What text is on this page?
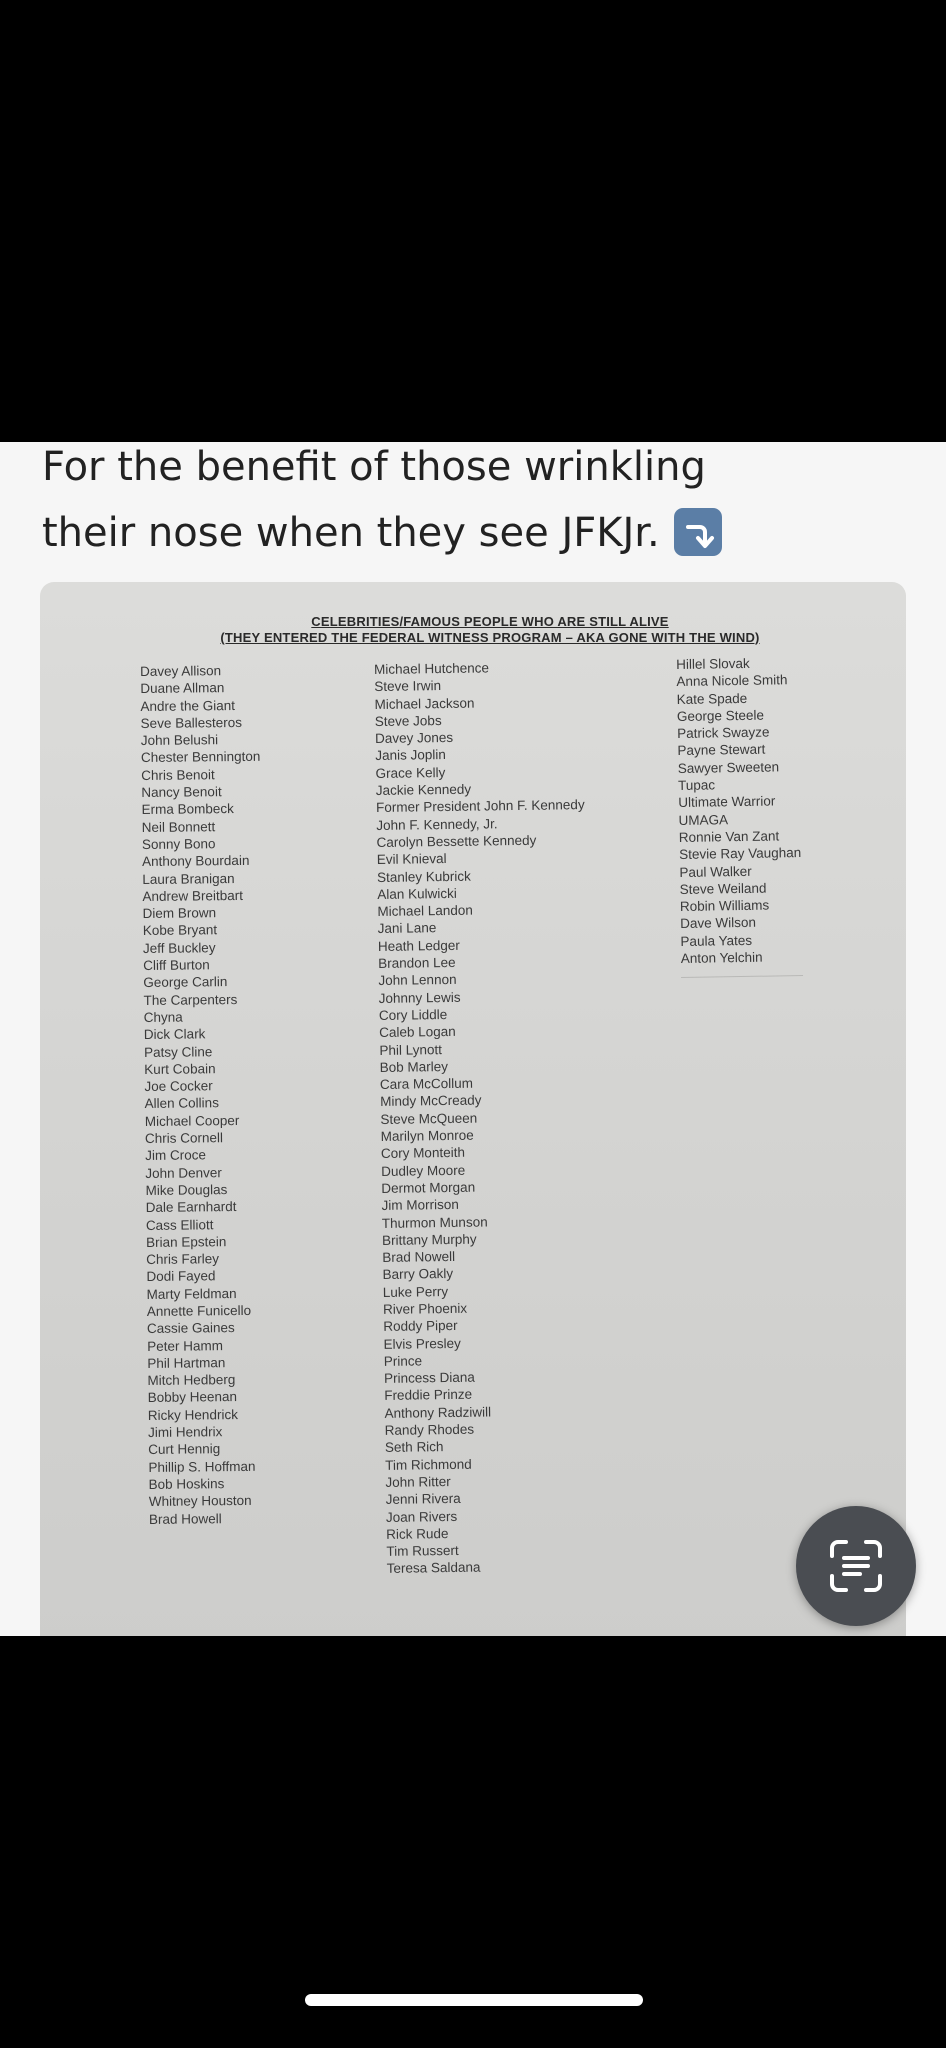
For the benefit of those wrinkling
their nose when they see JFKJr.
CELEBRITIES/FAMOUS PEOPLE WHO ARE STILL ALIVE
(THEY ENTERED THE FEDERAL WITNESS PROGRAM – AKA GONE WITH THE WIND)
Davey Allison
Duane Allman
Andre the Giant
Seve Ballesteros
John Belushi
Chester Bennington
Chris Benoit
Nancy Benoit
Erma Bombeck
Neil Bonnett
Sonny Bono
Anthony Bourdain
Laura Branigan
Andrew Breitbart
Diem Brown
Kobe Bryant
Jeff Buckley
Cliff Burton
George Carlin
The Carpenters
Chyna
Dick Clark
Patsy Cline
Kurt Cobain
Joe Cocker
Allen Collins
Michael Cooper
Chris Cornell
Jim Croce
John Denver
Mike Douglas
Dale Earnhardt
Cass Elliott
Brian Epstein
Chris Farley
Dodi Fayed
Marty Feldman
Annette Funicello
Cassie Gaines
Peter Hamm
Phil Hartman
Mitch Hedberg
Bobby Heenan
Ricky Hendrick
Jimi Hendrix
Curt Hennig
Phillip S. Hoffman
Bob Hoskins
Whitney Houston
Brad Howell
Michael Hutchence
Steve Irwin
Michael Jackson
Steve Jobs
Davey Jones
Janis Joplin
Grace Kelly
Jackie Kennedy
Former President John F. Kennedy
John F. Kennedy, Jr.
Carolyn Bessette Kennedy
Evil Knieval
Stanley Kubrick
Alan Kulwicki
Michael Landon
Jani Lane
Heath Ledger
Brandon Lee
John Lennon
Johnny Lewis
Cory Liddle
Caleb Logan
Phil Lynott
Bob Marley
Cara McCollum
Mindy McCready
Steve McQueen
Marilyn Monroe
Cory Monteith
Dudley Moore
Dermot Morgan
Jim Morrison
Thurmon Munson
Brittany Murphy
Brad Nowell
Barry Oakly
Luke Perry
River Phoenix
Roddy Piper
Elvis Presley
Prince
Princess Diana
Freddie Prinze
Anthony Radziwill
Randy Rhodes
Seth Rich
Tim Richmond
John Ritter
Jenni Rivera
Joan Rivers
Rick Rude
Tim Russert
Teresa Saldana
Hillel Slovak
Anna Nicole Smith
Kate Spade
George Steele
Patrick Swayze
Payne Stewart
Sawyer Sweeten
Tupac
Ultimate Warrior
UMAGA
Ronnie Van Zant
Stevie Ray Vaughan
Paul Walker
Steve Weiland
Robin Williams
Dave Wilson
Paula Yates
Anton Yelchin
